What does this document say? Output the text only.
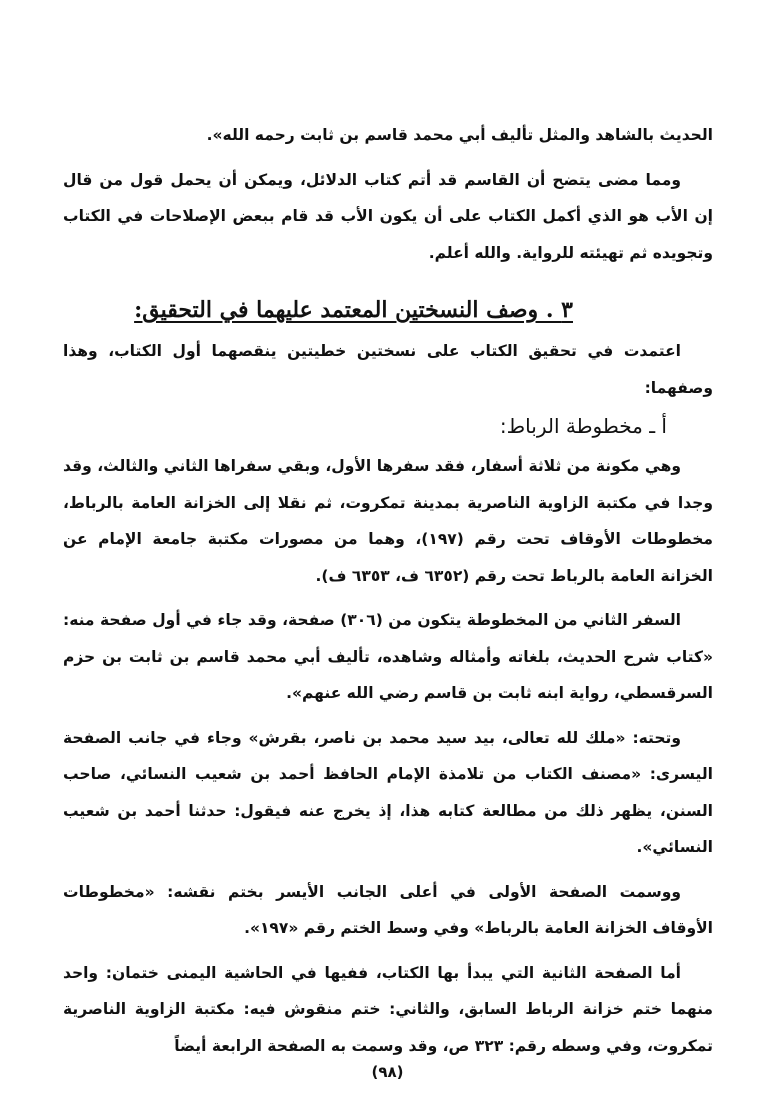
الحديث بالشاهد والمثل تأليف أبي محمد قاسم بن ثابت رحمه الله».

ومما مضى يتضح أن القاسم قد أتم كتاب الدلائل، ويمكن أن يحمل قول من قال إن الأب هو الذي أكمل الكتاب على أن يكون الأب قد قام ببعض الإصلاحات في الكتاب وتجويده ثم تهيئته للرواية. والله أعلم.

٣ . وصف النسختين المعتمد عليهما في التحقيق:

اعتمدت في تحقيق الكتاب على نسختين خطيتين ينقصهما أول الكتاب، وهذا وصفهما:

أ ـ مخطوطة الرباط:

وهي مكونة من ثلاثة أسفار، فقد سفرها الأول، وبقي سفراها الثاني والثالث، وقد وجدا في مكتبة الزاوية الناصرية بمدينة تمكروت، ثم نقلا إلى الخزانة العامة بالرباط، مخطوطات الأوقاف تحت رقم (١٩٧)، وهما من مصورات مكتبة جامعة الإمام عن الخزانة العامة بالرباط تحت رقم (٦٣٥٢ ف، ٦٣٥٣ ف).

السفر الثاني من المخطوطة يتكون من (٣٠٦) صفحة، وقد جاء في أول صفحة منه: «كتاب شرح الحديث، بلغاته وأمثاله وشاهده، تأليف أبي محمد قاسم بن ثابت بن حزم السرقسطي، رواية ابنه ثابت بن قاسم رضي الله عنهم».

وتحته: «ملك لله تعالى، بيد سيد محمد بن ناصر، بقرش» وجاء في جانب الصفحة اليسرى: «مصنف الكتاب من تلامذة الإمام الحافظ أحمد بن شعيب النسائي، صاحب السنن، يظهر ذلك من مطالعة كتابه هذا، إذ يخرج عنه فيقول: حدثنا أحمد بن شعيب النسائي».

ووسمت الصفحة الأولى في أعلى الجانب الأيسر بختم نقشه: «مخطوطات الأوقاف الخزانة العامة بالرباط» وفي وسط الختم رقم «١٩٧».

أما الصفحة الثانية التي يبدأ بها الكتاب، ففيها في الحاشية اليمنى ختمان: واحد منهما ختم خزانة الرباط السابق، والثاني: ختم منقوش فيه: مكتبة الزاوية الناصرية تمكروت، وفي وسطه رقم: ٣٢٣ ص، وقد وسمت به الصفحة الرابعة أيضاً

(٩٨)
